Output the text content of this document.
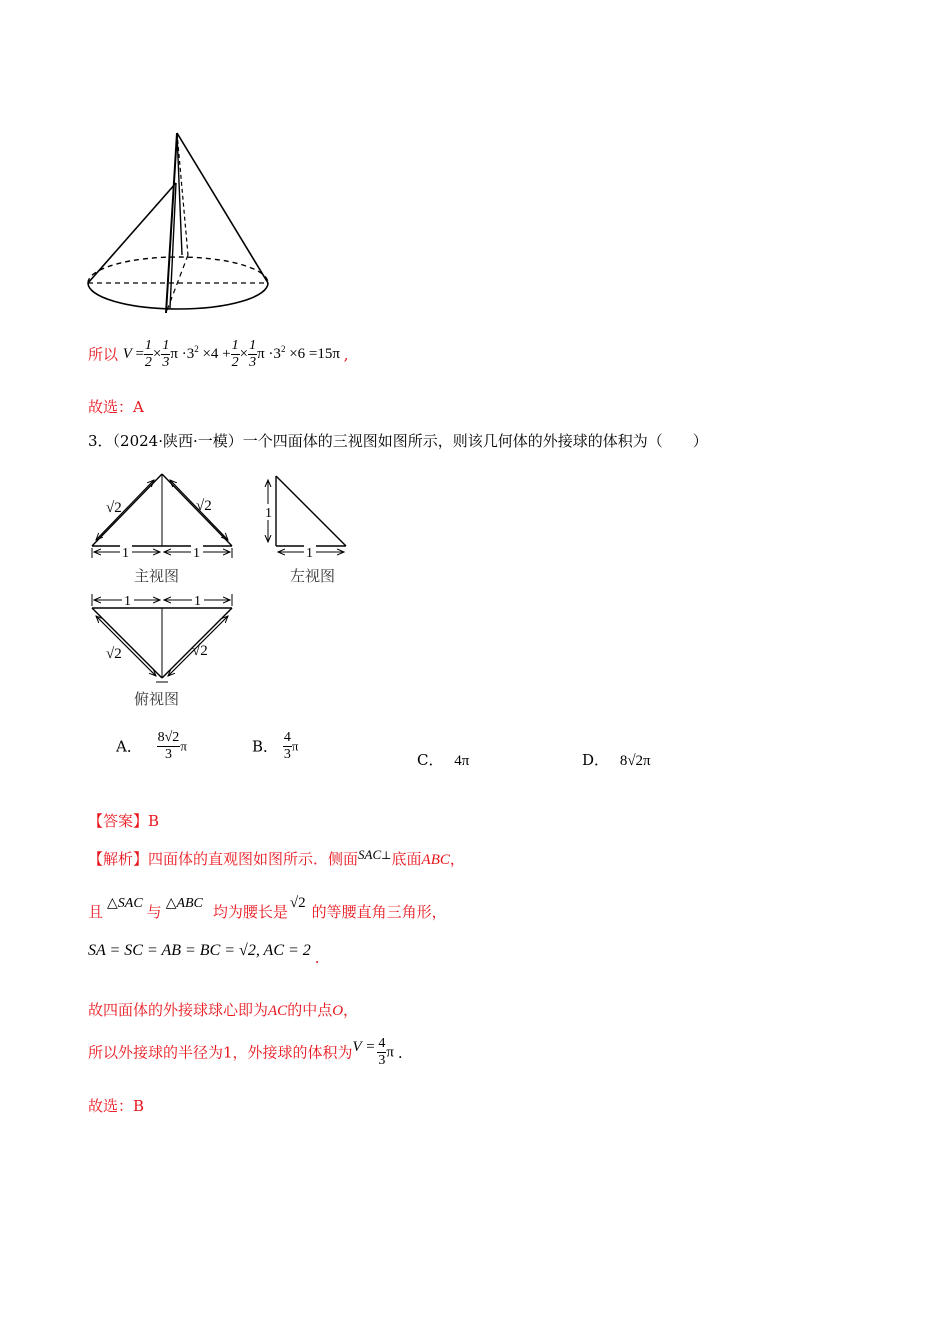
所以 $V = \frac{1}{2} \times \frac{1}{3}$ $\pi \cdot 3^2 \times 4 + \frac{1}{2} \times \frac{1}{3}$ $\pi \cdot 3^2 \times 6 =15\pi$ ,
故选：A
3．（2024·陕西·一模）一个四面体的三视图如图所示，则该几何体的外接球的体积为（　　）
√2	√2
1	1
主视图
1
1
左视图
1	1
√2	√2
俯视图
A． $\frac{8√2}{3}$ π	B． $\frac{4}{3}$ π
C． 4π	D． 8√2π
【答案】B
【解析】四面体的直观图如图所示．侧面SAC⊥底面ABC，
且 △SAC 与 △ABC 均为腰长是 √2 的等腰直角三角形，
SA = SC = AB = BC = √2, AC = 2 .
故四面体的外接球球心即为AC的中点O，
所以外接球的半径为1，外接球的体积为$V = \frac{4}{3}$ π .
故选：B
